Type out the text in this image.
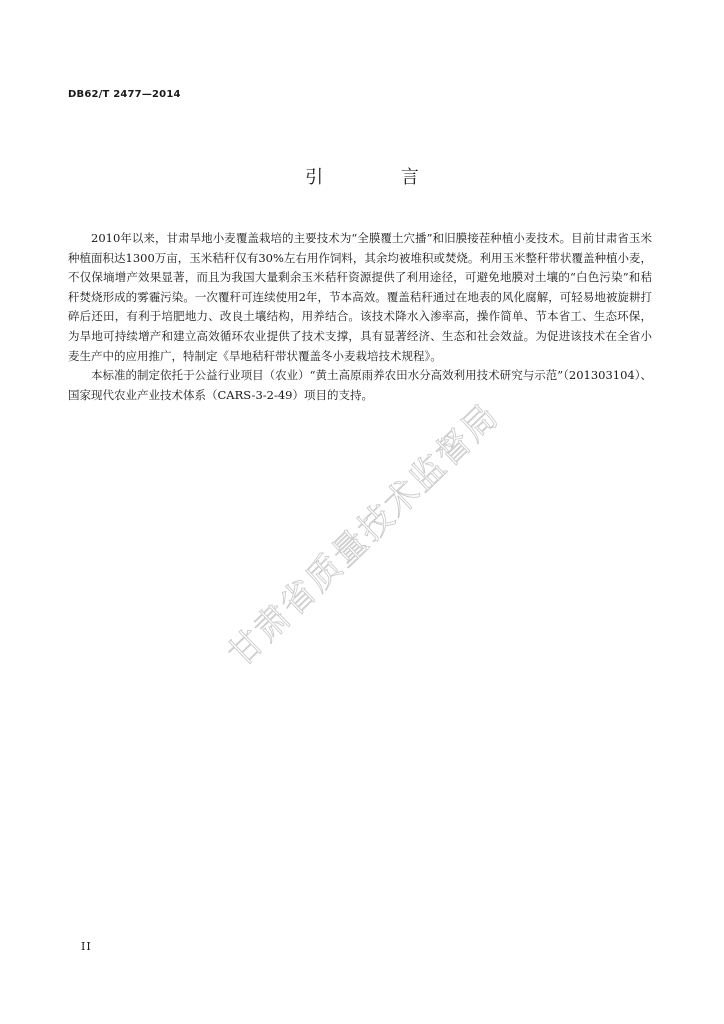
DB62/T 2477—2014
引 言

2010年以来，甘肃旱地小麦覆盖栽培的主要技术为“全膜覆土穴播”和旧膜接茬种植小麦技术。目前甘肃省玉米种植面积达1300万亩，玉米秸秆仅有30%左右用作饲料，其余均被堆积或焚烧。利用玉米整秆带状覆盖种植小麦，不仅保墒增产效果显著，而且为我国大量剩余玉米秸秆资源提供了利用途径，可避免地膜对土壤的“白色污染”和秸秆焚烧形成的雾霾污染。一次覆秆可连续使用2年，节本高效。覆盖秸秆通过在地表的风化腐解，可轻易地被旋耕打碎后还田，有利于培肥地力、改良土壤结构，用养结合。该技术降水入渗率高，操作简单、节本省工、生态环保，为旱地可持续增产和建立高效循环农业提供了技术支撑，具有显著经济、生态和社会效益。为促进该技术在全省小麦生产中的应用推广，特制定《旱地秸秆带状覆盖冬小麦栽培技术规程》。

本标准的制定依托于公益行业项目（农业）“黄土高原雨养农田水分高效利用技术研究与示范”（201303104）、国家现代农业产业技术体系（CARS-3-2-49）项目的支持。

甘肃省质量技术监督局
II
